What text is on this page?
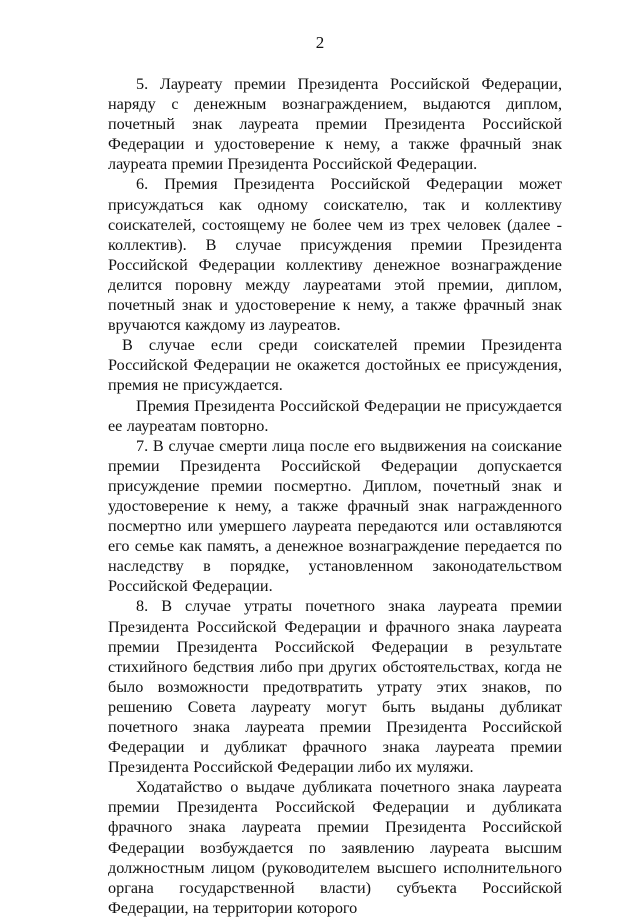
2

5. Лауреату премии Президента Российской Федерации, наряду с денежным вознаграждением, выдаются диплом, почетный знак лауреата премии Президента Российской Федерации и удостоверение к нему, а также фрачный знак лауреата премии Президента Российской Федерации.

6. Премия Президента Российской Федерации может присуждаться как одному соискателю, так и коллективу соискателей, состоящему не более чем из трех человек (далее - коллектив). В случае присуждения премии Президента Российской Федерации коллективу денежное вознаграждение делится поровну между лауреатами этой премии, диплом, почетный знак и удостоверение к нему, а также фрачный знак вручаются каждому из лауреатов.

В случае если среди соискателей премии Президента Российской Федерации не окажется достойных ее присуждения, премия не присуждается.

Премия Президента Российской Федерации не присуждается ее лауреатам повторно.

7. В случае смерти лица после его выдвижения на соискание премии Президента Российской Федерации допускается присуждение премии посмертно. Диплом, почетный знак и удостоверение к нему, а также фрачный знак награжденного посмертно или умершего лауреата передаются или оставляются его семье как память, а денежное вознаграждение передается по наследству в порядке, установленном законодательством Российской Федерации.

8. В случае утраты почетного знака лауреата премии Президента Российской Федерации и фрачного знака лауреата премии Президента Российской Федерации в результате стихийного бедствия либо при других обстоятельствах, когда не было возможности предотвратить утрату этих знаков, по решению Совета лауреату могут быть выданы дубликат почетного знака лауреата премии Президента Российской Федерации и дубликат фрачного знака лауреата премии Президента Российской Федерации либо их муляжи.

Ходатайство о выдаче дубликата почетного знака лауреата премии Президента Российской Федерации и дубликата фрачного знака лауреата премии Президента Российской Федерации возбуждается по заявлению лауреата высшим должностным лицом (руководителем высшего исполнительного органа государственной власти) субъекта Российской Федерации, на территории которого
